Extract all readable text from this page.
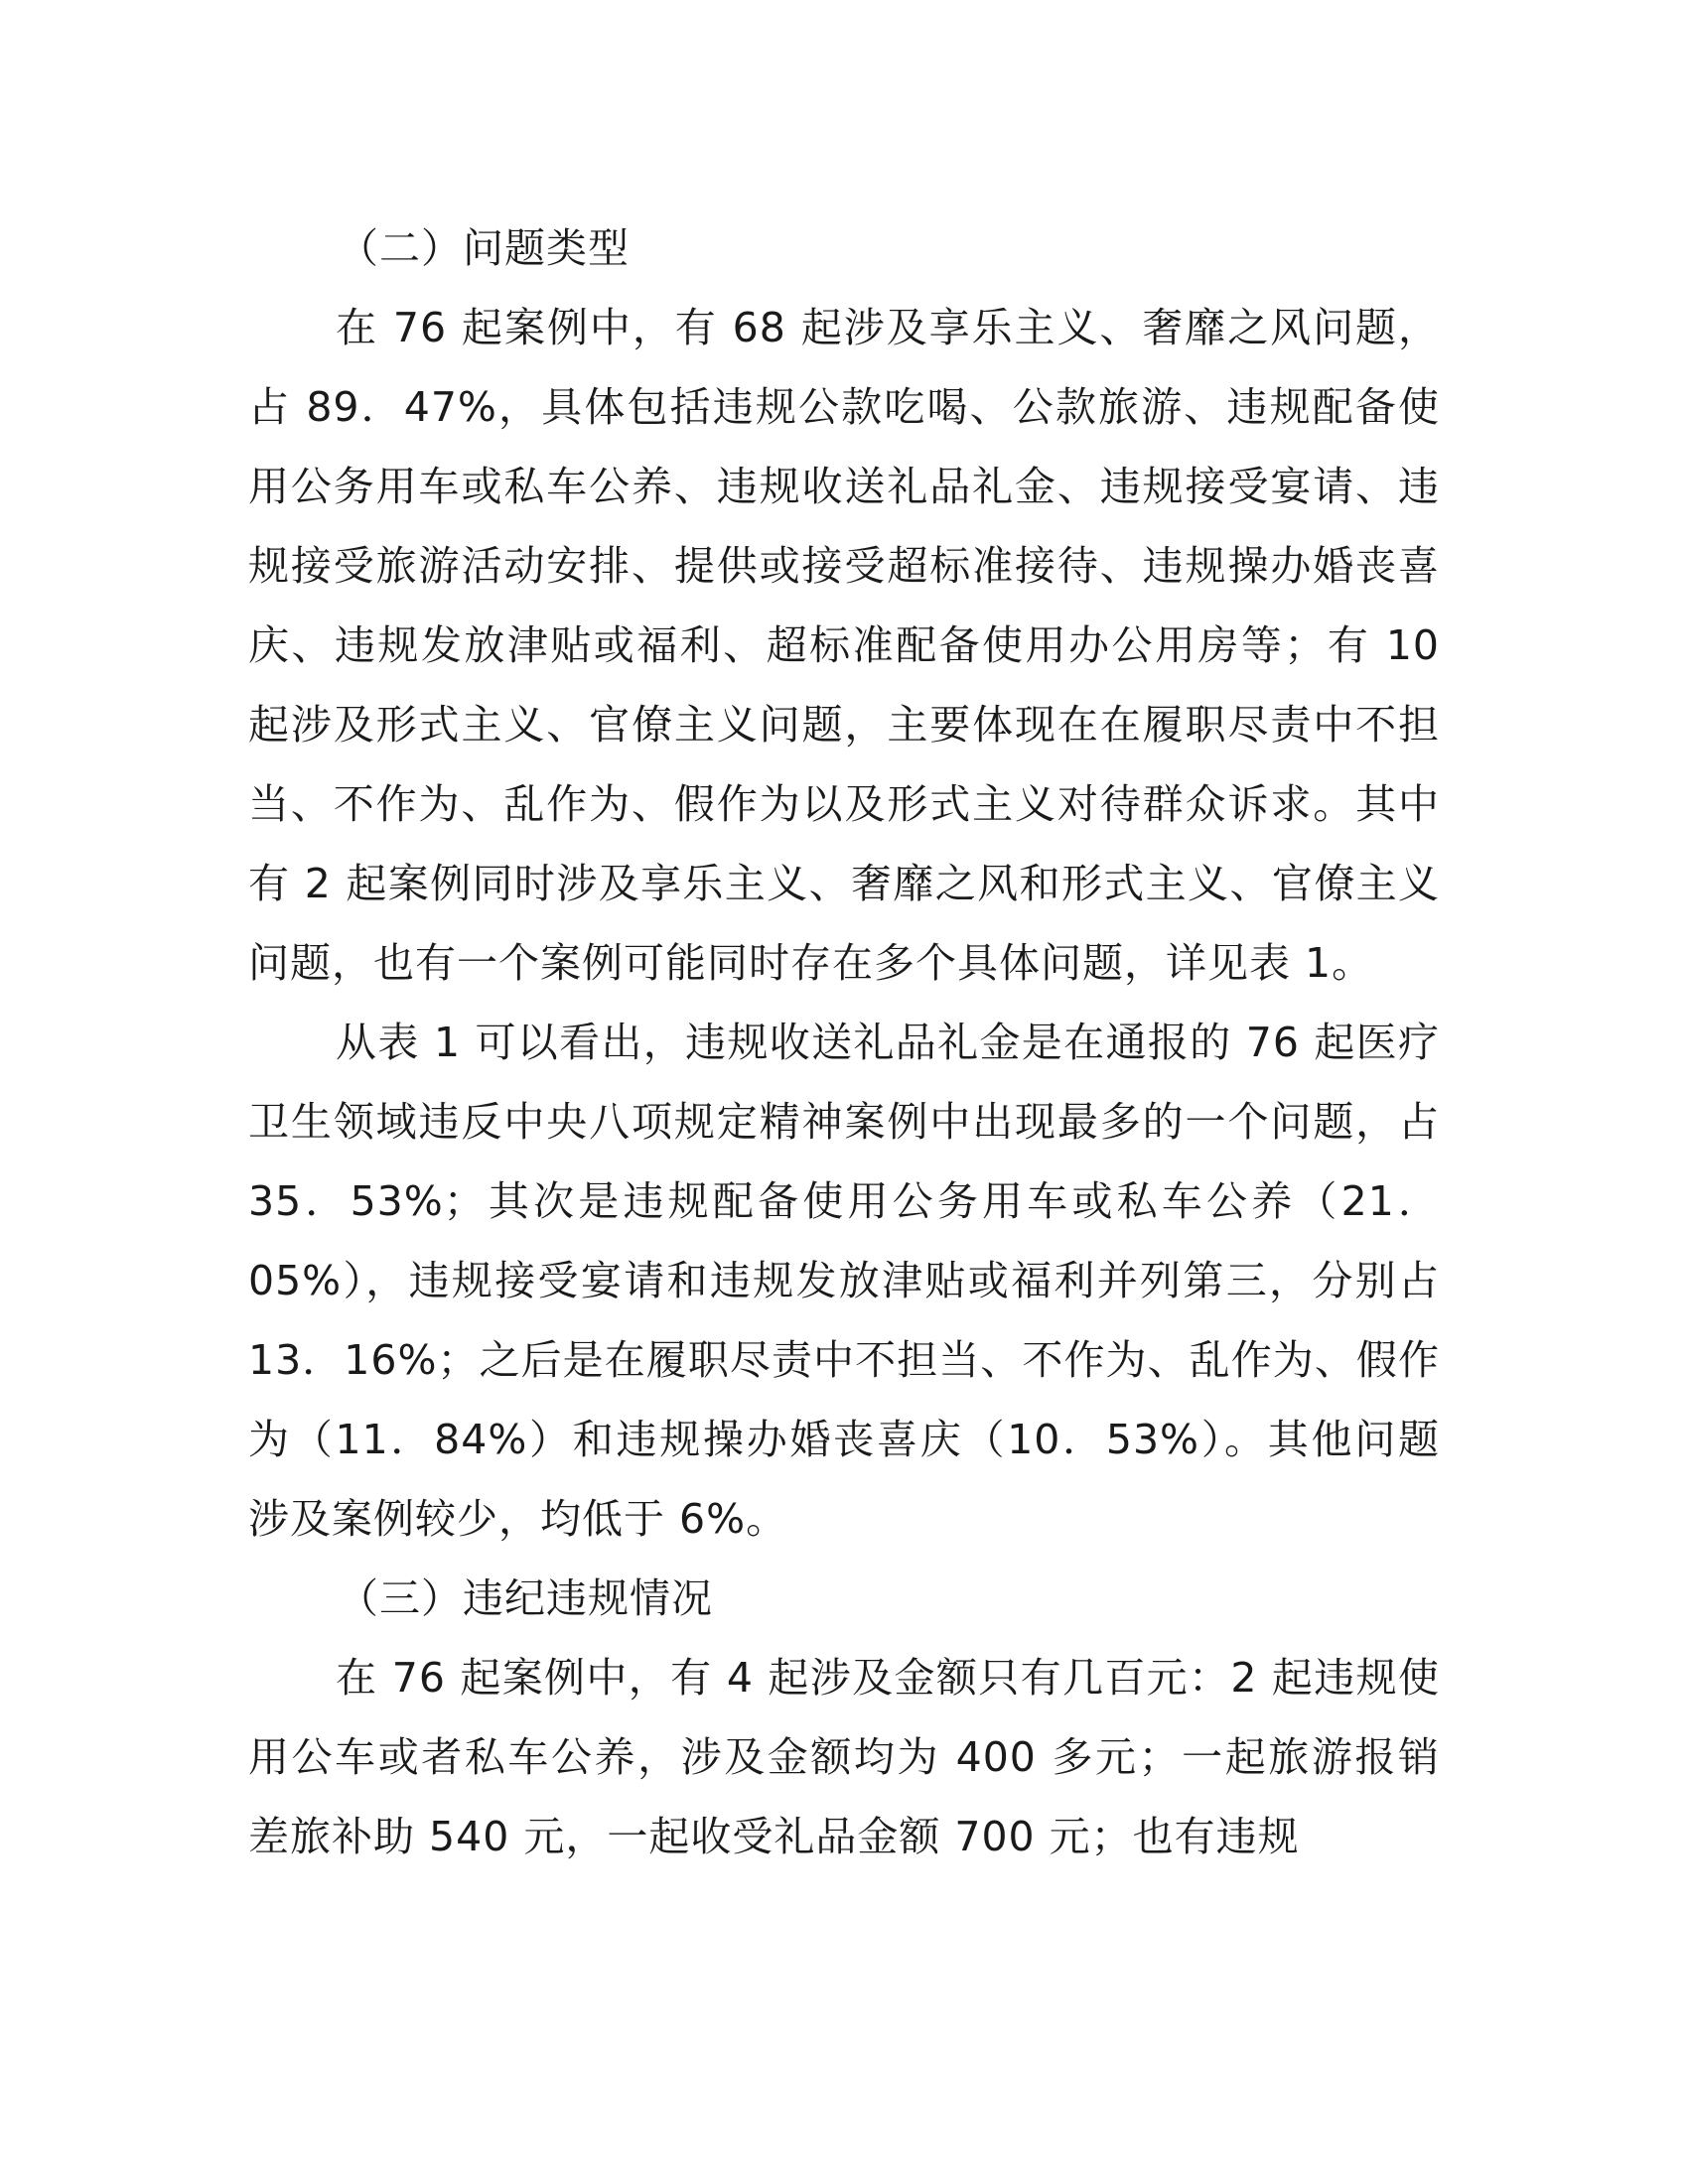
（二）问题类型

在 76 起案例中，有 68 起涉及享乐主义、奢靡之风问题，占 89．47%，具体包括违规公款吃喝、公款旅游、违规配备使用公务用车或私车公养、违规收送礼品礼金、违规接受宴请、违规接受旅游活动安排、提供或接受超标准接待、违规操办婚丧喜庆、违规发放津贴或福利、超标准配备使用办公用房等；有 10 起涉及形式主义、官僚主义问题，主要体现在在履职尽责中不担当、不作为、乱作为、假作为以及形式主义对待群众诉求。其中有 2 起案例同时涉及享乐主义、奢靡之风和形式主义、官僚主义问题，也有一个案例可能同时存在多个具体问题，详见表 1。

从表 1 可以看出，违规收送礼品礼金是在通报的 76 起医疗卫生领域违反中央八项规定精神案例中出现最多的一个问题，占 35．53%；其次是违规配备使用公务用车或私车公养（21．05%），违规接受宴请和违规发放津贴或福利并列第三，分别占 13．16%；之后是在履职尽责中不担当、不作为、乱作为、假作为（11．84%）和违规操办婚丧喜庆（10．53%）。其他问题涉及案例较少，均低于 6%。

（三）违纪违规情况

在 76 起案例中，有 4 起涉及金额只有几百元：2 起违规使用公车或者私车公养，涉及金额均为 400 多元；一起旅游报销差旅补助 540 元，一起收受礼品金额 700 元；也有违规
